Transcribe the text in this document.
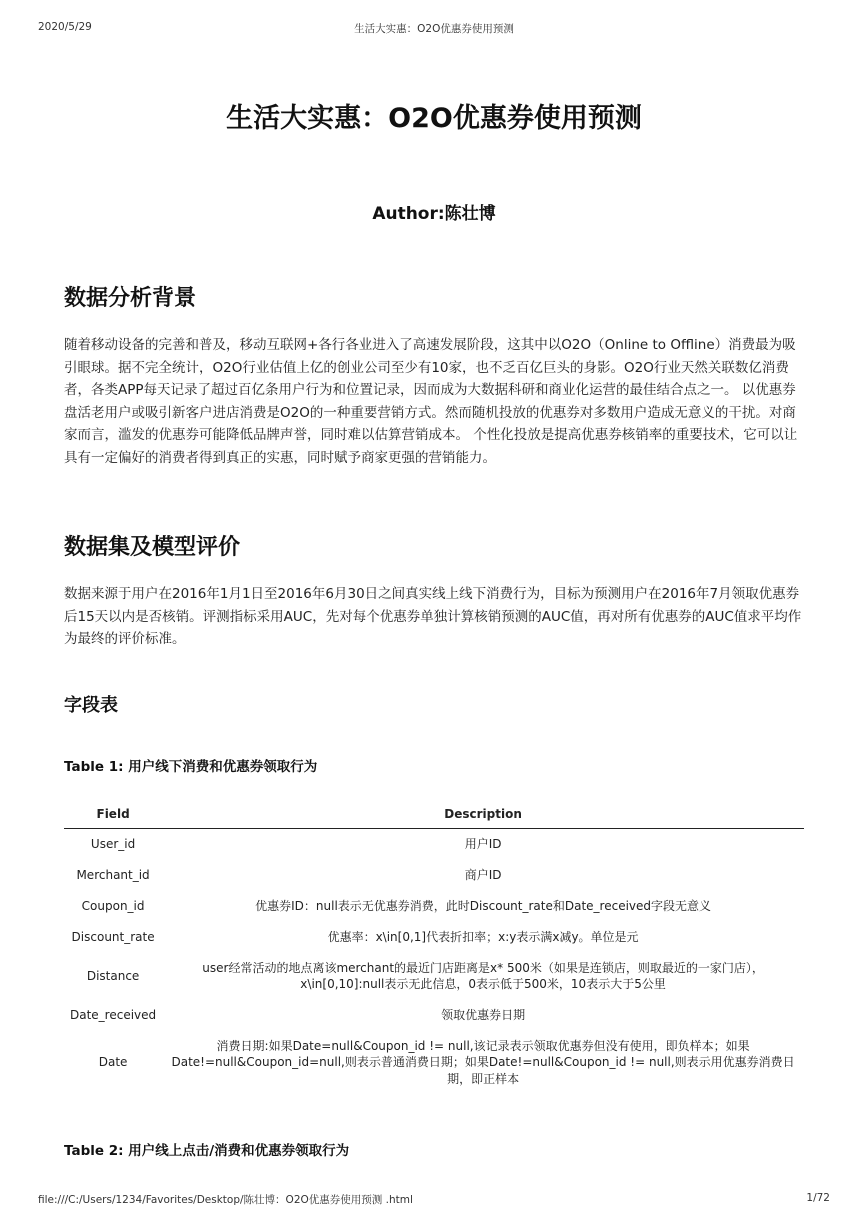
2020/5/29	生活大实惠：O2O优惠券使用预测
生活大实惠：O2O优惠券使用预测
Author:陈壮博
数据分析背景

随着移动设备的完善和普及，移动互联网+各行各业进入了高速发展阶段，这其中以O2O（Online to Offline）消费最为吸引眼球。据不完全统计，O2O行业估值上亿的创业公司至少有10家，也不乏百亿巨头的身影。O2O行业天然关联数亿消费者，各类APP每天记录了超过百亿条用户行为和位置记录，因而成为大数据科研和商业化运营的最佳结合点之一。 以优惠券盘活老用户或吸引新客户进店消费是O2O的一种重要营销方式。然而随机投放的优惠券对多数用户造成无意义的干扰。对商家而言，滥发的优惠券可能降低品牌声誉，同时难以估算营销成本。 个性化投放是提高优惠券核销率的重要技术，它可以让具有一定偏好的消费者得到真正的实惠，同时赋予商家更强的营销能力。

数据集及模型评价

数据来源于用户在2016年1月1日至2016年6月30日之间真实线上线下消费行为，目标为预测用户在2016年7月领取优惠券后15天以内是否核销。评测指标采用AUC，先对每个优惠券单独计算核销预测的AUC值，再对所有优惠券的AUC值求平均作为最终的评价标准。

字段表
Table 1: 用户线下消费和优惠券领取行为
Field	Description
User_id	用户ID
Merchant_id	商户ID
Coupon_id	优惠券ID：null表示无优惠券消费，此时Discount_rate和Date_received字段无意义
Discount_rate	优惠率：x\in[0,1]代表折扣率；x:y表示满x减y。单位是元
Distance	user经常活动的地点离该merchant的最近门店距离是x* 500米（如果是连锁店，则取最近的一家门店），x\in[0,10]:null表示无此信息，0表示低于500米，10表示大于5公里
Date_received	领取优惠券日期
Date	消费日期:如果Date=null&Coupon_id != null,该记录表示领取优惠券但没有使用，即负样本；如果Date!=null&Coupon_id=null,则表示普通消费日期；如果Date!=null&Coupon_id != null,则表示用优惠券消费日期，即正样本
Table 2: 用户线上点击/消费和优惠券领取行为
file:///C:/Users/1234/Favorites/Desktop/陈壮博：O2O优惠券使用预测 .html	1/72
